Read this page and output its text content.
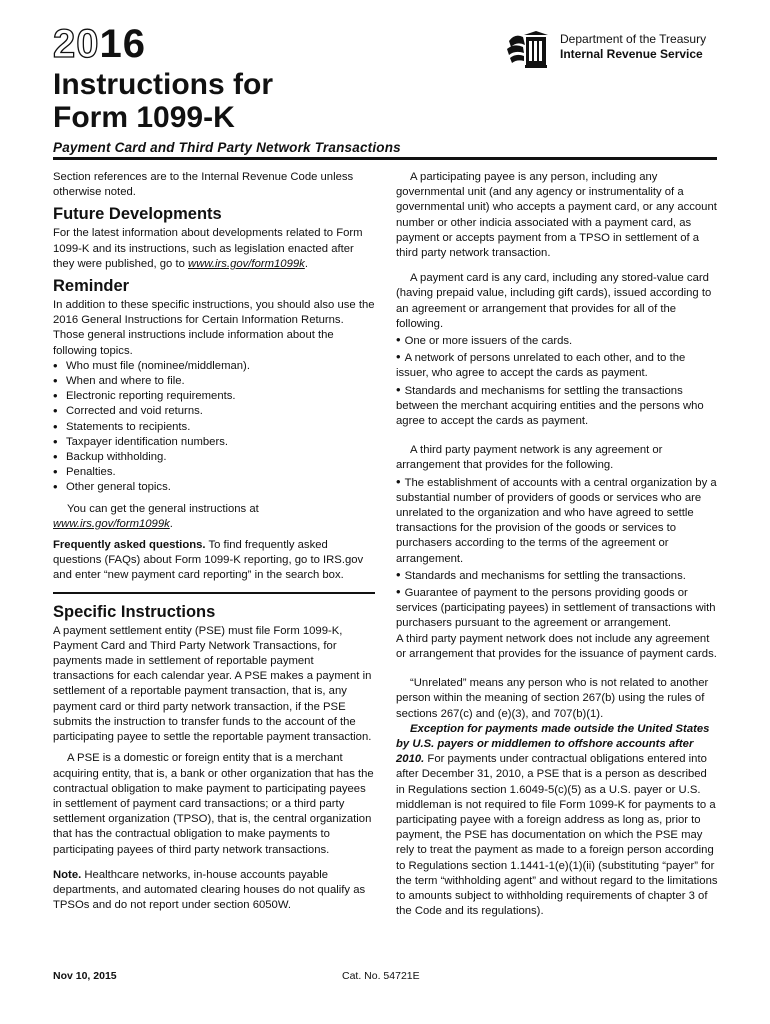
2016	Department of the Treasury
Internal Revenue Service
Instructions for
Form 1099-K
Payment Card and Third Party Network Transactions

Section references are to the Internal Revenue Code unless otherwise noted.

Future Developments

For the latest information about developments related to Form 1099-K and its instructions, such as legislation enacted after they were published, go to www.irs.gov/form1099k.

Reminder

In addition to these specific instructions, you should also use the 2016 General Instructions for Certain Information Returns. Those general instructions include information about the following topics.

• Who must file (nominee/middleman).
• When and where to file.
• Electronic reporting requirements.
• Corrected and void returns.
• Statements to recipients.
• Taxpayer identification numbers.
• Backup withholding.
• Penalties.
• Other general topics.

You can get the general instructions at www.irs.gov/form1099k.

Frequently asked questions. To find frequently asked questions (FAQs) about Form 1099-K reporting, go to IRS.gov and enter “new payment card reporting” in the search box.

Specific Instructions

A payment settlement entity (PSE) must file Form 1099-K, Payment Card and Third Party Network Transactions, for payments made in settlement of reportable payment transactions for each calendar year. A PSE makes a payment in settlement of a reportable payment transaction, that is, any payment card or third party network transaction, if the PSE submits the instruction to transfer funds to the account of the participating payee to settle the reportable payment transaction.

A PSE is a domestic or foreign entity that is a merchant acquiring entity, that is, a bank or other organization that has the contractual obligation to make payment to participating payees in settlement of payment card transactions; or a third party settlement organization (TPSO), that is, the central organization that has the contractual obligation to make payments to participating payees of third party network transactions.

Note. Healthcare networks, in-house accounts payable departments, and automated clearing houses do not qualify as TPSOs and do not report under section 6050W.

A participating payee is any person, including any governmental unit (and any agency or instrumentality of a governmental unit) who accepts a payment card, or any account number or other indicia associated with a payment card, as payment or accepts payment from a TPSO in settlement of a third party network transaction.

A payment card is any card, including any stored-value card (having prepaid value, including gift cards), issued according to an agreement or arrangement that provides for all of the following.

• One or more issuers of the cards.
• A network of persons unrelated to each other, and to the issuer, who agree to accept the cards as payment.
• Standards and mechanisms for settling the transactions between the merchant acquiring entities and the persons who agree to accept the cards as payment.

A third party payment network is any agreement or arrangement that provides for the following.

• The establishment of accounts with a central organization by a substantial number of providers of goods or services who are unrelated to the organization and who have agreed to settle transactions for the provision of the goods or services to purchasers according to the terms of the agreement or arrangement.
• Standards and mechanisms for settling the transactions.
• Guarantee of payment to the persons providing goods or services (participating payees) in settlement of transactions with purchasers pursuant to the agreement or arrangement.

A third party payment network does not include any agreement or arrangement that provides for the issuance of payment cards.

“Unrelated” means any person who is not related to another person within the meaning of section 267(b) using the rules of sections 267(c) and (e)(3), and 707(b)(1).

Exception for payments made outside the United States by U.S. payers or middlemen to offshore accounts after 2010. For payments under contractual obligations entered into after December 31, 2010, a PSE that is a person as described in Regulations section 1.6049-5(c)(5) as a U.S. payer or U.S. middleman is not required to file Form 1099-K for payments to a participating payee with a foreign address as long as, prior to payment, the PSE has documentation on which the PSE may rely to treat the payment as made to a foreign person according to Regulations section 1.1441-1(e)(1)(ii) (substituting “payer” for the term “withholding agent” and without regard to the limitations to amounts subject to withholding requirements of chapter 3 of the Code and its regulations).

Nov 10, 2015	Cat. No. 54721E
